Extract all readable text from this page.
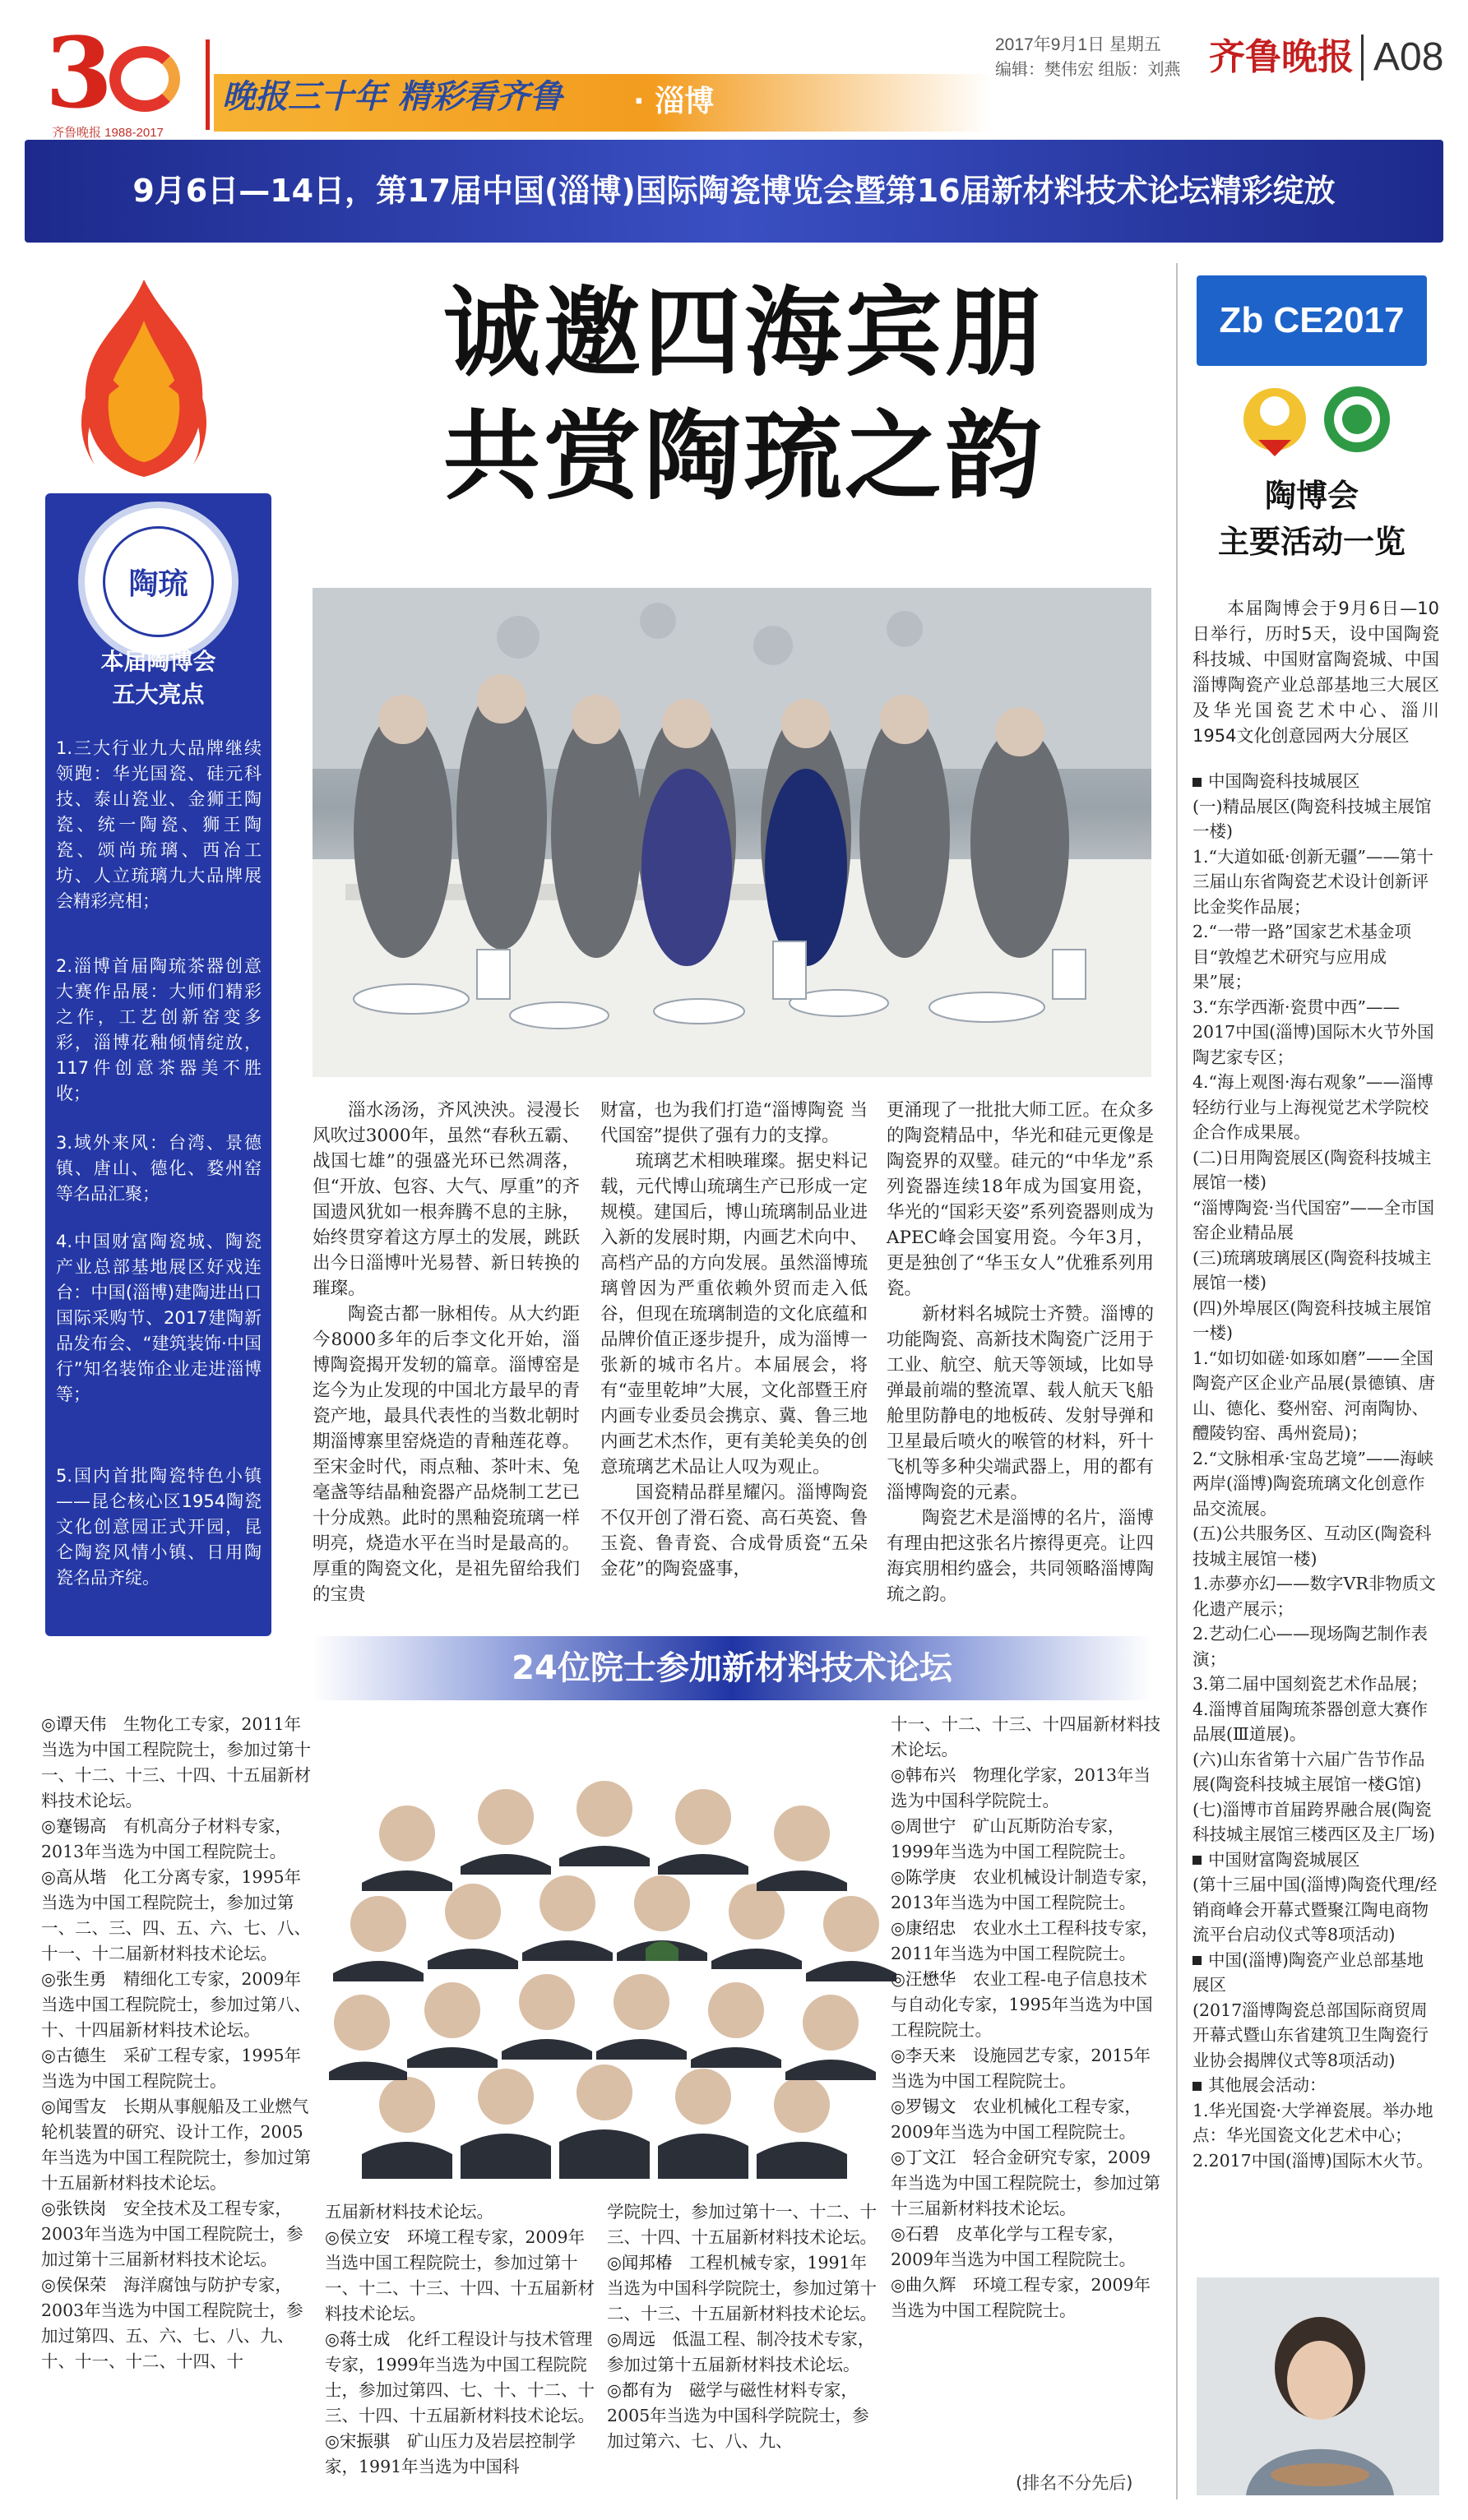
3
齐鲁晚报 1988-2017
晚报三十年 精彩看齐鲁 · 淄博
2017年9月1日 星期五
编辑：樊伟宏 组版：刘燕 齐鲁晚报 A08
9月6日—14日，第17届中国(淄博)国际陶瓷博览会暨第16届新材料技术论坛精彩绽放
陶琉
本届陶博会
五大亮点
1.三大行业九大品牌继续领跑：华光国瓷、硅元科技、泰山瓷业、金狮王陶瓷、统一陶瓷、狮王陶瓷、颂尚琉璃、西冶工坊、人立琉璃九大品牌展会精彩亮相；
2.淄博首届陶琉茶器创意大赛作品展：大师们精彩之作，工艺创新窑变多彩，淄博花釉倾情绽放，117件创意茶器美不胜收；
3.域外来风：台湾、景德镇、唐山、德化、婺州窑等名品汇聚；
4.中国财富陶瓷城、陶瓷产业总部基地展区好戏连台：中国(淄博)建陶进出口国际采购节、2017建陶新品发布会、“建筑装饰·中国行”知名装饰企业走进淄博等；
5.国内首批陶瓷特色小镇——昆仑核心区1954陶瓷文化创意园正式开园，昆仑陶瓷风情小镇、日用陶瓷名品齐绽。
诚邀四海宾朋
共赏陶琉之韵

淄水汤汤，齐风泱泱。浸漫长风吹过3000年，虽然“春秋五霸、战国七雄”的强盛光环已然凋落，但“开放、包容、大气、厚重”的齐国遗风犹如一根奔腾不息的主脉，始终贯穿着这方厚土的发展，跳跃出今日淄博叶光易替、新日转换的璀璨。

陶瓷古都一脉相传。从大约距今8000多年的后李文化开始，淄博陶瓷揭开发轫的篇章。淄博窑是迄今为止发现的中国北方最早的青瓷产地，最具代表性的当数北朝时期淄博寨里窑烧造的青釉莲花尊。至宋金时代，雨点釉、茶叶末、兔毫盏等结晶釉瓷器产品烧制工艺已十分成熟。此时的黑釉瓷琉璃一样明亮，烧造水平在当时是最高的。厚重的陶瓷文化，是祖先留给我们的宝贵

财富，也为我们打造“淄博陶瓷 当代国窑”提供了强有力的支撑。

琉璃艺术相映璀璨。据史料记载，元代博山琉璃生产已形成一定规模。建国后，博山琉璃制品业进入新的发展时期，内画艺术向中、高档产品的方向发展。虽然淄博琉璃曾因为严重依赖外贸而走入低谷，但现在琉璃制造的文化底蕴和品牌价值正逐步提升，成为淄博一张新的城市名片。本届展会，将有“壶里乾坤”大展，文化部暨王府内画专业委员会携京、冀、鲁三地内画艺术杰作，更有美轮美奂的创意琉璃艺术品让人叹为观止。

国瓷精品群星耀闪。淄博陶瓷不仅开创了滑石瓷、高石英瓷、鲁玉瓷、鲁青瓷、合成骨质瓷“五朵金花”的陶瓷盛事，

更涌现了一批批大师工匠。在众多的陶瓷精品中，华光和硅元更像是陶瓷界的双璧。硅元的“中华龙”系列瓷器连续18年成为国宴用瓷，华光的“国彩天姿”系列瓷器则成为APEC峰会国宴用瓷。今年3月，更是独创了“华玉女人”优雅系列用瓷。

新材料名城院士齐赞。淄博的功能陶瓷、高新技术陶瓷广泛用于工业、航空、航天等领域，比如导弹最前端的整流罩、载人航天飞船舱里防静电的地板砖、发射导弹和卫星最后喷火的喉管的材料，歼十飞机等多种尖端武器上，用的都有淄博陶瓷的元素。

陶瓷艺术是淄博的名片，淄博有理由把这张名片擦得更亮。让四海宾朋相约盛会，共同领略淄博陶琉之韵。

Zb CE2017
陶博会
主要活动一览
本届陶博会于9月6日—10日举行，历时5天，设中国陶瓷科技城、中国财富陶瓷城、中国淄博陶瓷产业总部基地三大展区及华光国瓷艺术中心、淄川1954文化创意园两大分展区
中国陶瓷科技城展区
(一)精品展区(陶瓷科技城主展馆一楼)
1.“大道如砥·创新无疆”——第十三届山东省陶瓷艺术设计创新评比金奖作品展；
2.“一带一路”国家艺术基金项目“敦煌艺术研究与应用成果”展；
3.“东学西渐·瓷贯中西”——2017中国(淄博)国际木火节外国陶艺家专区；
4.“海上观图·海右观象”——淄博轻纺行业与上海视觉艺术学院校企合作成果展。
(二)日用陶瓷展区(陶瓷科技城主展馆一楼)
“淄博陶瓷·当代国窑”——全市国窑企业精品展
(三)琉璃玻璃展区(陶瓷科技城主展馆一楼)
(四)外埠展区(陶瓷科技城主展馆一楼)
1.“如切如磋·如琢如磨”——全国陶瓷产区企业产品展(景德镇、唐山、德化、婺州窑、河南陶协、醴陵钧窑、禹州瓷局)；
2.“文脉相承·宝岛艺境”——海峡两岸(淄博)陶瓷琉璃文化创意作品交流展。
(五)公共服务区、互动区(陶瓷科技城主展馆一楼)
1.赤夢亦幻——数字VR非物质文化遗产展示；
2.艺动仁心——现场陶艺制作表演；
3.第二届中国刻瓷艺术作品展；
4.淄博首届陶琉茶器创意大赛作品展(Ⅲ道展)。
(六)山东省第十六届广告节作品展(陶瓷科技城主展馆一楼G馆)
(七)淄博市首届跨界融合展(陶瓷科技城主展馆三楼西区及主厂场)
中国财富陶瓷城展区
(第十三届中国(淄博)陶瓷代理/经销商峰会开幕式暨聚江陶电商物流平台启动仪式等8项活动)
中国(淄博)陶瓷产业总部基地展区
(2017淄博陶瓷总部国际商贸周开幕式暨山东省建筑卫生陶瓷行业协会揭牌仪式等8项活动)
其他展会活动：
1.华光国瓷·大学禅瓷展。举办地点：华光国瓷文化艺术中心；
2.2017中国(淄博)国际木火节。
24位院士参加新材料技术论坛
◎谭天伟　 生物化工专家，2011年当选为中国工程院院士，参加过第十一、十二、十三、十四、十五届新材料技术论坛。
◎蹇锡高　 有机高分子材料专家，2013年当选为中国工程院院士。
◎高从堦　 化工分离专家，1995年当选为中国工程院院士，参加过第一、二、三、四、五、六、七、八、十一、十二届新材料技术论坛。
◎张生勇　 精细化工专家，2009年当选中国工程院院士，参加过第八、十、十四届新材料技术论坛。
◎古德生　 采矿工程专家，1995年当选为中国工程院院士。
◎闻雪友　 长期从事舰船及工业燃气轮机装置的研究、设计工作，2005年当选为中国工程院院士，参加过第十五届新材料技术论坛。
◎张铁岗　 安全技术及工程专家，2003年当选为中国工程院院士，参加过第十三届新材料技术论坛。
◎侯保荣　 海洋腐蚀与防护专家，2003年当选为中国工程院院士，参加过第四、五、六、七、八、九、十、十一、十二、十四、十
五届新材料技术论坛。
◎侯立安　 环境工程专家，2009年当选中国工程院院士，参加过第十一、十二、十三、十四、十五届新材料技术论坛。
◎蒋士成　 化纤工程设计与技术管理专家，1999年当选为中国工程院院士，参加过第四、七、十、十二、十三、十四、十五届新材料技术论坛。
◎宋振骐　 矿山压力及岩层控制学家，1991年当选为中国科
学院院士，参加过第十一、十二、十三、十四、十五届新材料技术论坛。
◎闻邦椿　 工程机械专家，1991年当选为中国科学院院士，参加过第十二、十三、十五届新材料技术论坛。
◎周远　 低温工程、制冷技术专家，参加过第十五届新材料技术论坛。
◎都有为　 磁学与磁性材料专家，2005年当选为中国科学院院士，参加过第六、七、八、九、
十一、十二、十三、十四届新材料技术论坛。
◎韩布兴　 物理化学家，2013年当选为中国科学院院士。
◎周世宁　 矿山瓦斯防治专家，1999年当选为中国工程院院士。
◎陈学庚　 农业机械设计制造专家，2013年当选为中国工程院院士。
◎康绍忠　 农业水土工程科技专家，2011年当选为中国工程院院士。
◎汪懋华　 农业工程-电子信息技术与自动化专家，1995年当选为中国工程院院士。
◎李天来　 设施园艺专家，2015年当选为中国工程院院士。
◎罗锡文　 农业机械化工程专家，2009年当选为中国工程院院士。
◎丁文江　 轻合金研究专家，2009年当选为中国工程院院士，参加过第十三届新材料技术论坛。
◎石碧　 皮革化学与工程专家，2009年当选为中国工程院院士。
◎曲久辉　 环境工程专家，2009年当选为中国工程院院士。
(排名不分先后)
